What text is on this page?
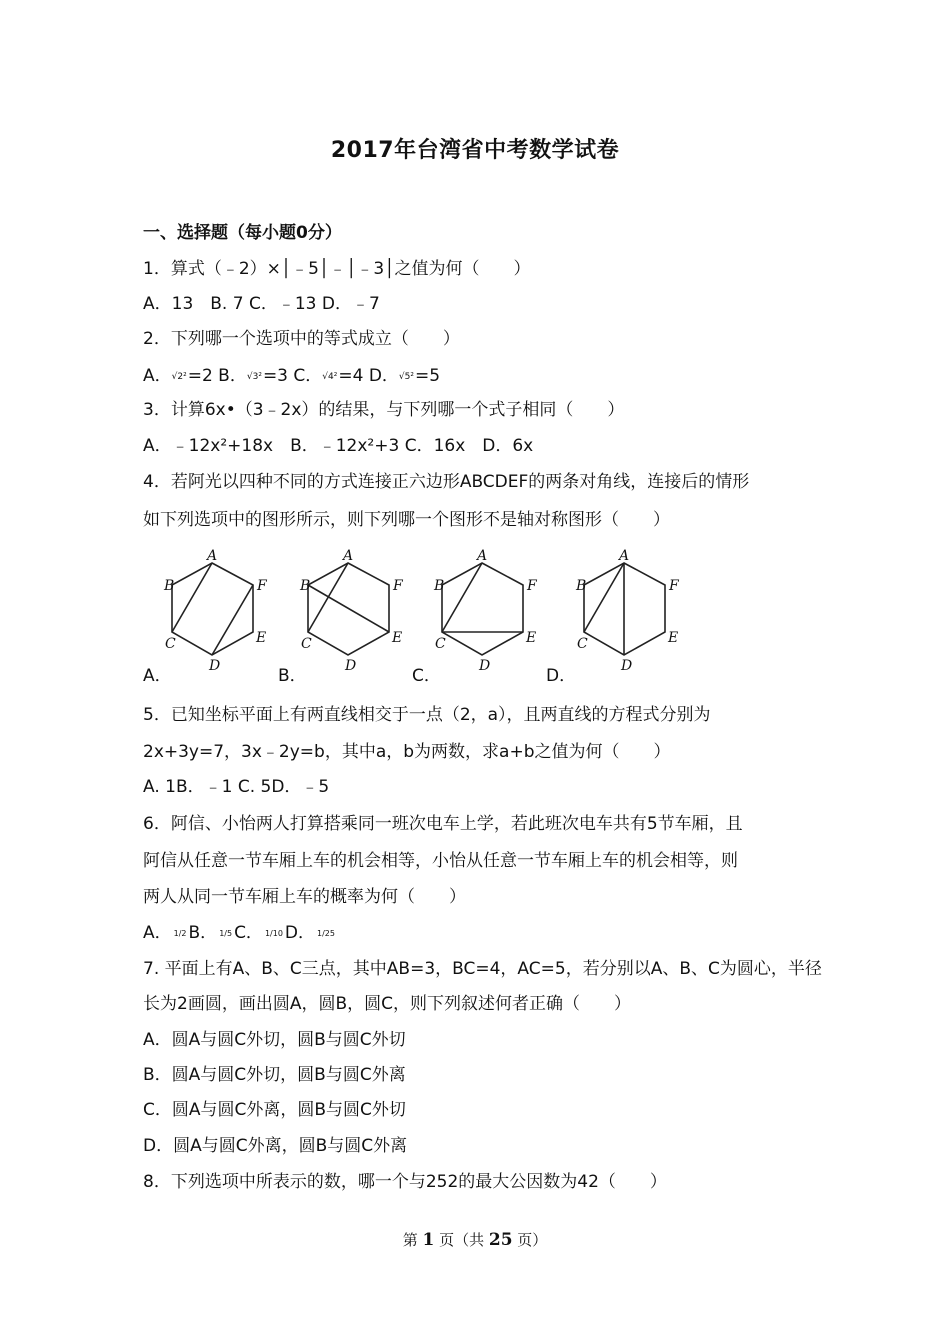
2017年台湾省中考数学试卷
一、选择题（每小题0分）
1．算式（﹣2）×│﹣5│﹣│﹣3│之值为何（　　）
A．13　B. 7 C．﹣13 D．﹣7
2．下列哪一个选项中的等式成立（　　）
A．√2²=2 B．√3²=3 C．√4²=4 D．√5²=5
3．计算6x•（3﹣2x）的结果，与下列哪一个式子相同（　　）
A．﹣12x²+18x　B．﹣12x²+3 C．16x　D．6x
4．若阿光以四种不同的方式连接正六边形ABCDEF的两条对角线，连接后的情形
如下列选项中的图形所示，则下列哪一个图形不是轴对称图形（　　）
A
B
C
D
E
F
A
B
C
D
E
F
A
B
C
D
E
F
A
B
C
D
E
F
A．	B．	C．	D．
5．已知坐标平面上有两直线相交于一点（2，a），且两直线的方程式分别为
2x+3y=7，3x﹣2y=b，其中a，b为两数，求a+b之值为何（　　）
A. 1B．﹣1 C. 5D．﹣5
6．阿信、小怡两人打算搭乘同一班次电车上学，若此班次电车共有5节车厢，且
阿信从任意一节车厢上车的机会相等，小怡从任意一节车厢上车的机会相等，则
两人从同一节车厢上车的概率为何（　　）
A． 1/2 B． 1/5 C． 1/10 D． 1/25
7. 平面上有A、B、C三点，其中AB=3，BC=4，AC=5，若分别以A、B、C为圆心，半径
长为2画圆，画出圆A，圆B，圆C，则下列叙述何者正确（　　）
A．圆A与圆C外切，圆B与圆C外切
B．圆A与圆C外切，圆B与圆C外离
C．圆A与圆C外离，圆B与圆C外切
D．圆A与圆C外离，圆B与圆C外离
8．下列选项中所表示的数，哪一个与252的最大公因数为42（　　）
第 1 页（共 25 页）
